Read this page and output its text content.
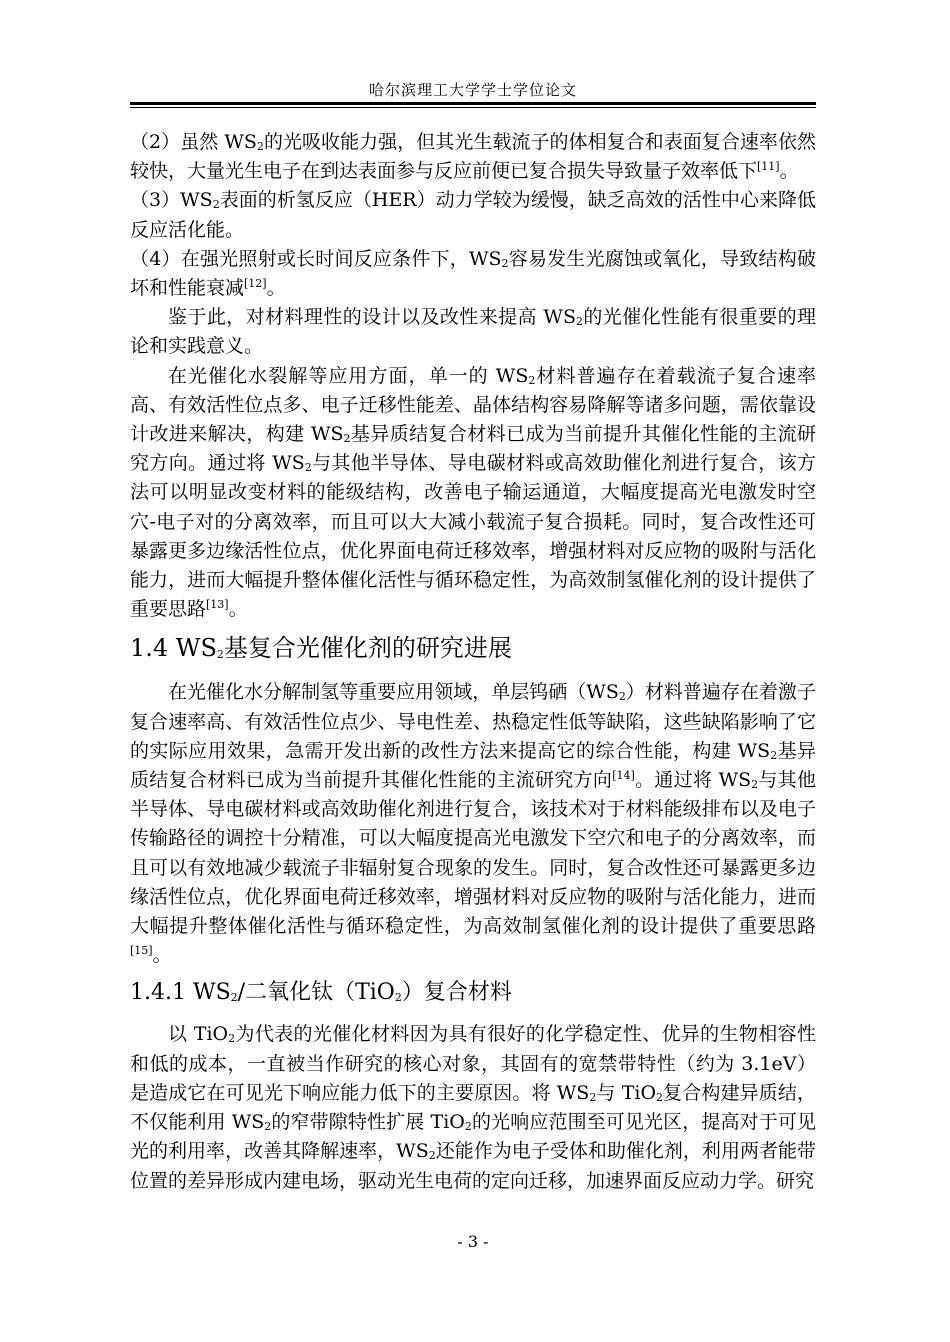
哈尔滨理工大学学士学位论文

（2）虽然 $WS_2$的光吸收能力强，但其光生载流子的体相复合和表面复合速率依然较快，大量光生电子在到达表面参与反应前便已复合损失导致量子效率低下[11]。

$(3)WS_2$表面的析氢反应（HER）动力学较为缓慢，缺乏高效的活性中心来降低反应活化能。

（4）在强光照射或长时间反应条件下，$WS_2$容易发生光腐蚀或氧化，导致结构破坏和性能衰减[12]。

鉴于此，对材料理性的设计以及改性来提高 $WS_2$的光催化性能有很重要的理论和实践意义。

在光催化水裂解等应用方面，单一的 $WS_2$材料普遍存在着载流子复合速率高、有效活性位点多、电子迁移性能差、晶体结构容易降解等诸多问题，需依靠设计改进来解决，构建 $WS_2$基异质结复合材料已成为当前提升其催化性能的主流研究方向。通过将 $WS_2$与其他半导体、导电碳材料或高效助催化剂进行复合，该方法可以明显改变材料的能级结构，改善电子输运通道，大幅度提高光电激发时空穴-电子对的分离效率，而且可以大大减小载流子复合损耗。同时，复合改性还可暴露更多边缘活性位点，优化界面电荷迁移效率，增强材料对反应物的吸附与活化能力，进而大幅提升整体催化活性与循环稳定性，为高效制氢催化剂的设计提供了重要思路[13]。

1.4 $WS_2$基复合光催化剂的研究进展

在光催化水分解制氢等重要应用领域，单层钨硒$(WS_2)$材料普遍存在着激子复合速率高、有效活性位点少、导电性差、热稳定性低等缺陷，这些缺陷影响了它的实际应用效果，急需开发出新的改性方法来提高它的综合性能，构建 $WS_2$基异质结复合材料已成为当前提升其催化性能的主流研究方向[14]。通过将 $WS_2$与其他半导体、导电碳材料或高效助催化剂进行复合，该技术对于材料能级排布以及电子传输路径的调控十分精准，可以大幅度提高光电激发下空穴和电子的分离效率，而且可以有效地减少载流子非辐射复合现象的发生。同时，复合改性还可暴露更多边缘活性位点，优化界面电荷迁移效率，增强材料对反应物的吸附与活化能力，进而大幅提升整体催化活性与循环稳定性，为高效制氢催化剂的设计提供了重要思路[15]。

1.4.1 $WS_2/$二氧化钛（TiO$_2$）复合材料

以 TiO$_2$为代表的光催化材料因为具有很好的化学稳定性、优异的生物相容性和低的成本，一直被当作研究的核心对象，其固有的宽禁带特性（约为 3.1eV）是造成它在可见光下响应能力低下的主要原因。将 $WS_2$与 TiO$_2$复合构建异质结，不仅能利用 $WS_2$的窄带隙特性扩展 TiO$_2$的光响应范围至可见光区，提高对于可见光的利用率，改善其降解速率，$WS_2$还能作为电子受体和助催化剂，利用两者能带位置的差异形成内建电场，驱动光生电荷的定向迁移，加速界面反应动力学。研究

- 3 -
